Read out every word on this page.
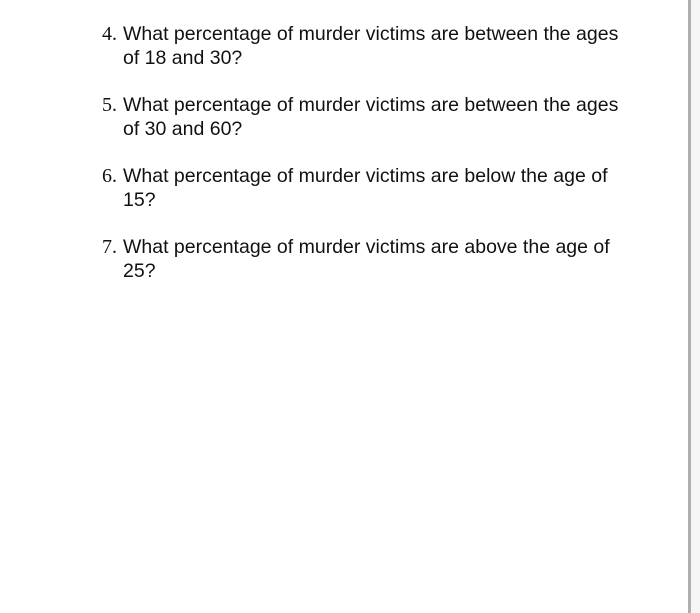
4. What percentage of murder victims are between the ages of 18 and 30?
5. What percentage of murder victims are between the ages of 30 and 60?
6. What percentage of murder victims are below the age of 15?
7. What percentage of murder victims are above the age of 25?
